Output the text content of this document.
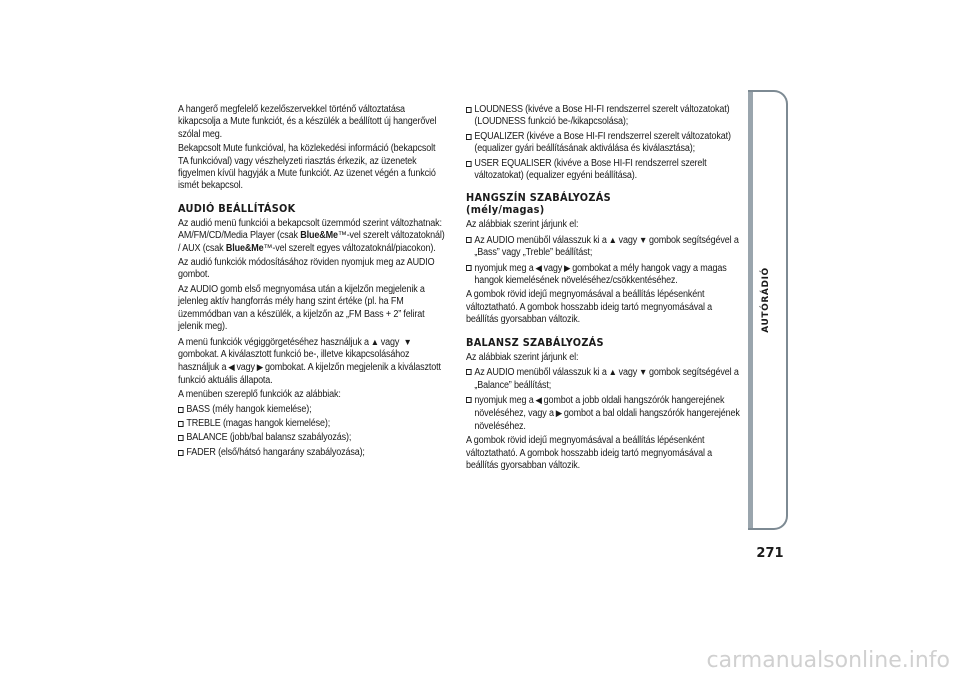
A hangerő megfelelő kezelőszervekkel történő változtatása kikapcsolja a Mute funkciót, és a készülék a beállított új hangerővel szólal meg.

Bekapcsolt Mute funkcióval, ha közlekedési információ (bekapcsolt TA funkcióval) vagy vészhelyzeti riasztás érkezik, az üzenetek figyelmen kívül hagyják a Mute funkciót. Az üzenet végén a funkció ismét bekapcsol.

AUDIÓ BEÁLLÍTÁSOK

Az audió menü funkciói a bekapcsolt üzemmód szerint változhatnak: AM/FM/CD/Media Player (csak Blue&Me™-vel szerelt változatoknál) / AUX (csak Blue&Me™-vel szerelt egyes változatoknál/piacokon).

Az audió funkciók módosításához röviden nyomjuk meg az AUDIO gombot.

Az AUDIO gomb első megnyomása után a kijelzőn megjelenik a jelenleg aktív hangforrás mély hang szint értéke (pl. ha FM üzemmódban van a készülék, a kijelzőn az „FM Bass + 2” felirat jelenik meg).

A menü funkciók végiggörgetéséhez használjuk a ▲ vagy ▼gombokat. A kiválasztott funkció be-, illetve kikapcsolásához használjuk a ◀ vagy ▶ gombokat. A kijelzőn megjelenik a kiválasztott funkció aktuális állapota.

A menüben szereplő funkciók az alábbiak:

BASS (mély hangok kiemelése);
TREBLE (magas hangok kiemelése);
BALANCE (jobb/bal balansz szabályozás);
FADER (első/hátsó hangarány szabályozása);
LOUDNESS (kivéve a Bose HI-FI rendszerrel szerelt változatokat) (LOUDNESS funkció be-/kikapcsolása);
EQUALIZER (kivéve a Bose HI-FI rendszerrel szerelt változatokat) (equalizer gyári beállításának aktiválása és kiválasztása);
USER EQUALISER (kivéve a Bose HI-FI rendszerrel szerelt változatokat) (equalizer egyéni beállítása).
HANGSZÍN SZABÁLYOZÁS
(mély/magas)

Az alábbiak szerint járjunk el:

Az AUDIO menüből válasszuk ki a ▲ vagy ▼ gombok segítségével a „Bass” vagy „Treble” beállítást;
nyomjuk meg a ◀ vagy ▶ gombokat a mély hangok vagy a magas hangok kiemelésének növeléséhez/csökkentéséhez.

A gombok rövid idejű megnyomásával a beállítás lépésenként változtatható. A gombok hosszabb ideig tartó megnyomásával a beállítás gyorsabban változik.

BALANSZ SZABÁLYOZÁS

Az alábbiak szerint járjunk el:

Az AUDIO menüből válasszuk ki a ▲ vagy ▼ gombok segítségével a „Balance” beállítást;
nyomjuk meg a ◀ gombot a jobb oldali hangszórók hangerejének növeléséhez, vagy a ▶ gombot a bal oldali hangszórók hangerejének növeléséhez.

A gombok rövid idejű megnyomásával a beállítás lépésenként változtatható. A gombok hosszabb ideig tartó megnyomásával a beállítás gyorsabban változik.

AUTÓRÁDIÓ
271
carmanualsonline.info
